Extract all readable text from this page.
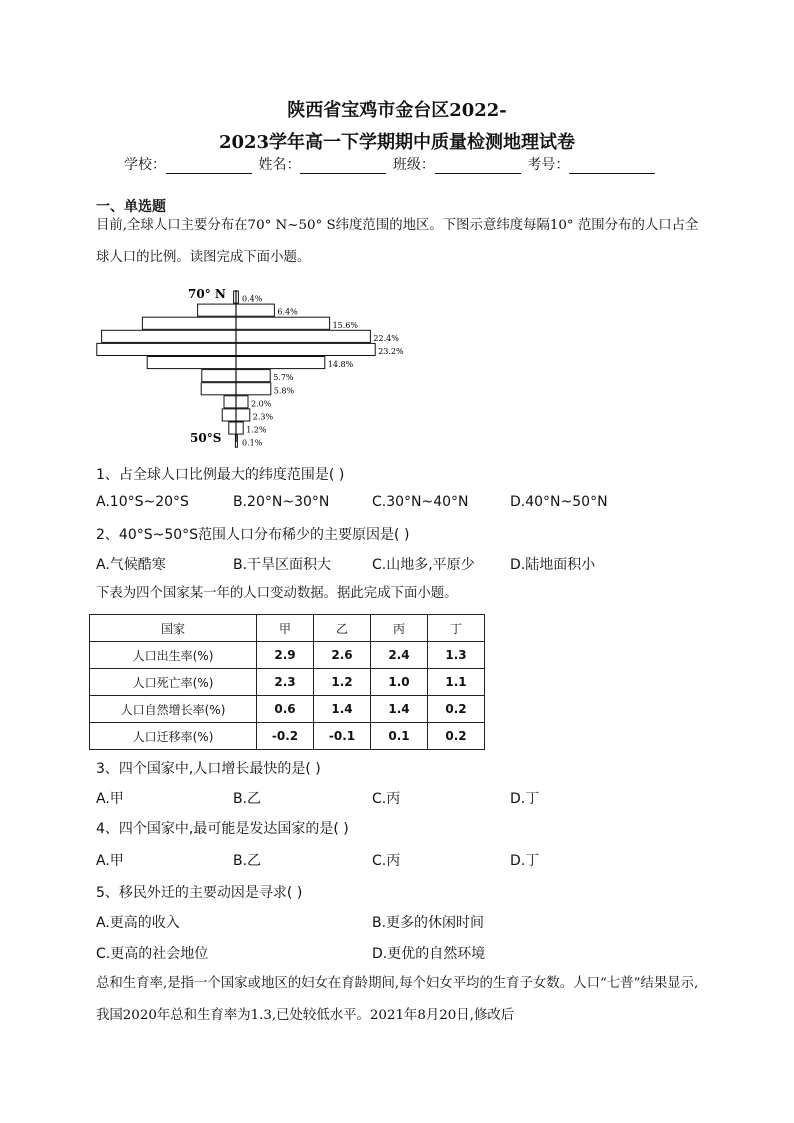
陕西省宝鸡市金台区2022-
2023学年高一下学期期中质量检测地理试卷
学校：	姓名：	班级：	考号：
一、单选题
目前,全球人口主要分布在70° N~50° S纬度范围的地区。下图示意纬度每隔10° 范围分布的人口占全球人口的比例。读图完成下面小题。
0.4%
6.4%
15.6%
22.4%
23.2%
14.8%
5.7%
5.8%
2.0%
2.3%
1.2%
0.1%
70° N
50°S
1、占全球人口比例最大的纬度范围是( )
A.10°S~20°S	B.20°N~30°N	C.30°N~40°N	D.40°N~50°N
2、40°S~50°S范围人口分布稀少的主要原因是( )
A.气候酷寒	B.干旱区面积大	C.山地多,平原少	D.陆地面积小
下表为四个国家某一年的人口变动数据。据此完成下面小题。
国家	甲	乙	丙	丁
人口出生率(%)	2.9	2.6	2.4	1.3
人口死亡率(%)	2.3	1.2	1.0	1.1
人口自然增长率(%)	0.6	1.4	1.4	0.2
人口迁移率(%)	-0.2	-0.1	0.1	0.2
3、四个国家中,人口增长最快的是( )
A.甲	B.乙	C.丙	D.丁
4、四个国家中,最可能是发达国家的是( )
A.甲	B.乙	C.丙	D.丁
5、移民外迁的主要动因是寻求( )
A.更高的收入	B.更多的休闲时间
C.更高的社会地位	D.更优的自然环境
总和生育率,是指一个国家或地区的妇女在育龄期间,每个妇女平均的生育子女数。人口“七普”结果显示,我国2020年总和生育率为1.3,已处较低水平。2021年8月20日,修改后
